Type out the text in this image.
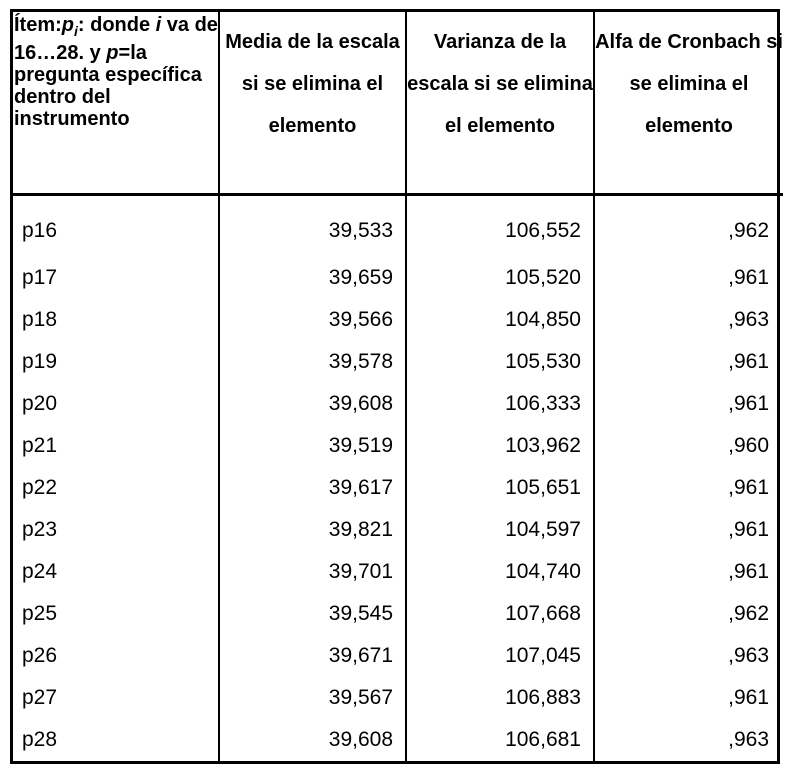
$Ítem:p_i$: donde i va de 16…28. y p=la pregunta específica dentro del instrumento	Media de la escala si se elimina el elemento	Varianza de la escala si se elimina el elemento	Alfa de Cronbach si se elimina el elemento
p16	39,533	106,552	,962
p17	39,659	105,520	,961
p18	39,566	104,850	,963
p19	39,578	105,530	,961
p20	39,608	106,333	,961
p21	39,519	103,962	,960
p22	39,617	105,651	,961
p23	39,821	104,597	,961
p24	39,701	104,740	,961
p25	39,545	107,668	,962
p26	39,671	107,045	,963
p27	39,567	106,883	,961
p28	39,608	106,681	,963
